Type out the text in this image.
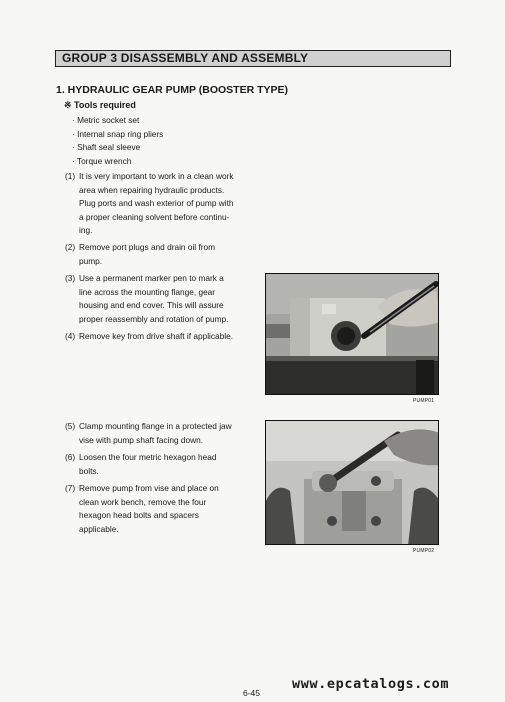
GROUP 3 DISASSEMBLY AND ASSEMBLY
1. HYDRAULIC GEAR PUMP (BOOSTER TYPE)
※ Tools required
· Metric socket set
· Internal snap ring pliers
· Shaft seal sleeve
· Torque wrench
(1) It is very important to work in a clean work
area when repairing hydraulic products.
Plug ports and wash exterior of pump with
a proper cleaning solvent before continu-
ing.
(2) Remove port plugs and drain oil from
pump.
(3) Use a permanent marker pen to mark a
line across the mounting flange, gear
housing and end cover. This will assure
proper reassembly and rotation of pump.
(4) Remove key from drive shaft if applicable.
(5) Clamp mounting flange in a protected jaw
vise with pump shaft facing down.
(6) Loosen the four metric hexagon head
bolts.
(7) Remove pump from vise and place on
clean work bench, remove the four
hexagon head bolts and spacers
applicable.
PUMP01
PUMP02
6-45
www.epcatalogs.com
